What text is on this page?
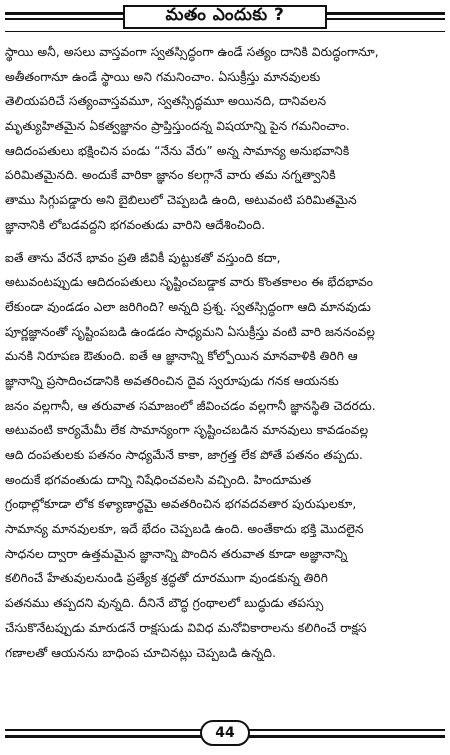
మతం ఎందుకు ?
స్థాయి అనీ, అసలు వాస్తవంగా స్వతస్సిద్ధంగా ఉండే సత్యం దానికి విరుద్ధంగానూ,
అతీతంగానూ ఉండే స్థాయి అని గమనించాం. ఏసుక్రీస్తు మానవులకు
తెలియపరిచే సత్యంవాస్తవమూ, స్వతస్సిద్ధమూ అయినది, దానివలన
మృత్యుహితమైన ఏకత్వజ్ఞానం ప్రాప్తిస్తుందన్న విషయాన్ని పైన గమనించాం.
ఆదిదంపతులు భక్షించిన పండు “నేను వేరు” అన్న సామాన్య అనుభవానికి
పరిమితమైనది. అందుకే వారికా జ్ఞానం కలగ్గానే వారు తమ నగ్నత్వానికి
తాము సిగ్గుపడ్డారు అని బైబిలులో చెప్పబడి ఉంది, అటువంటి పరిమితమైన
జ్ఞానానికి లోబడవద్దని భగవంతుడు వారిని ఆదేశించింది.
ఐతే తాను వేరనే భావం ప్రతి జీవికీ పుట్టుకతో వస్తుంది కదా,
అటువంటప్పుడు ఆదిదంపతులు సృష్టించబడ్డాక వారు కొంతకాలం ఈ భేదభావం
లేకుండా వుండడం ఎలా జరిగింది? అన్నది ప్రశ్న. స్వతస్సిద్ధంగా ఆది మానవుడు
పూర్ణజ్ఞానంతో సృష్టింపబడి ఉండడం సాధ్యమని ఏసుక్రీస్తు వంటి వారి జననంవల్ల
మనకి నిరూపణ ఔతుంది. ఐతే ఆ జ్ఞానాన్ని కోల్పోయిన మానవాళికి తిరిగి ఆ
జ్ఞానాన్ని ప్రసాదించడానికి అవతరించిన దైవ స్వరూపుడు గనక ఆయనకు
జనం వల్లగానీ, ఆ తరువాత సమాజంలో జీవించడం వల్లగానీ జ్ఞానస్థితి చెదరదు.
అటువంటి కార్యమేమీ లేక సామాన్యంగా సృష్టించబడిన మానవులు కావడంవల్ల
ఆది దంపతులకు పతనం సాధ్యమేనే కాకా, జాగ్రత్త లేక పోతే పతనం తప్పదు.
అందుకే భగవంతుడు దాన్ని నిషేధించవలసి వచ్చింది. హిందూమత
గ్రంథాల్లోకూడా లోక కళ్యాణార్థమై అవతరించిన భగవదవతార పురుషులకూ,
సామాన్య మానవులకూ, ఇదే భేదం చెప్పబడి ఉంది. అంతేకాదు భక్తి మొదలైన
సాధనల ద్వారా ఉత్తమమైన జ్ఞానాన్ని పొందిన తరువాత కూడా అజ్ఞానాన్ని
కలిగించే హేతువులనుండి ప్రత్యేక శ్రద్ధతో దూరముగా వుండకున్న తిరిగి
పతనము తప్పదని వున్నది. దీనినే బౌద్ధ గ్రంథాలలో బుద్ధుడు తపస్సు
చేసుకొనేటప్పుడు మారుడనే రాక్షసుడు వివిధ మనోవికారాలను కలిగించే రాక్షస
గణాలతో ఆయనను బాధింప చూచినట్లు చెప్పబడి ఉన్నది.
44
